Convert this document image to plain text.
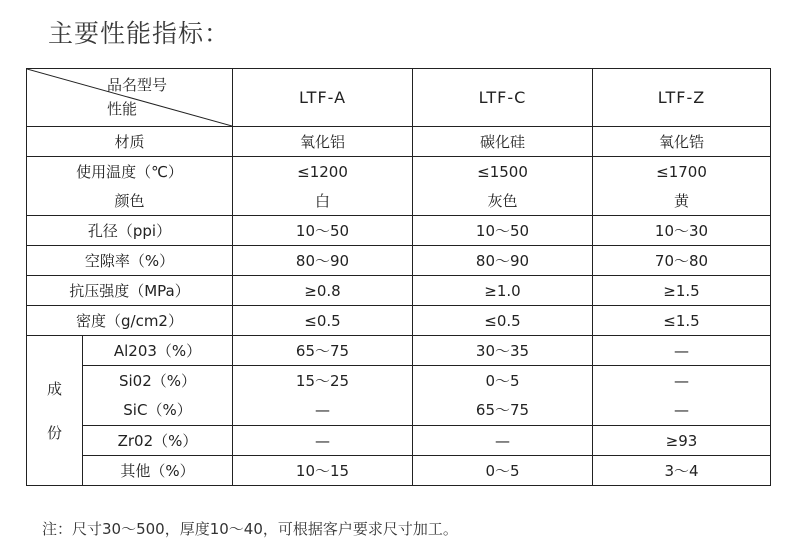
主要性能指标：
品名型号
性能		LTF-A	LTF-C	LTF-Z
材质		氧化铝	碳化硅	氧化锆
使用温度（℃）		≤1200	≤1500	≤1700
颜色		白	灰色	黄
孔径（ppi）		10～50	10～50	10～30
空隙率（%）		80～90	80～90	70～80
抗压强度（MPa）		≥0.8	≥1.0	≥1.5
密度（g/cm2）		≤0.5	≤0.5	≤1.5

成
份	Al203（%）	65～75	30～35	—
	Si02（%）	15～25	0～5	—
	SiC（%）	—	65～75	—
	Zr02（%）	—	—	≥93
	其他（%）	10～15	0～5	3～4
注：尺寸30～500，厚度10～40，可根据客户要求尺寸加工。
